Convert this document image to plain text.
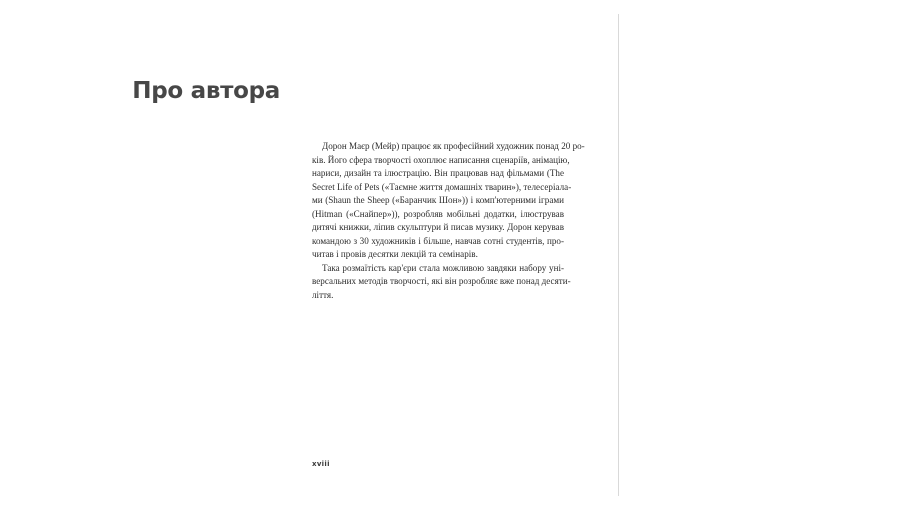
Про автора
Дорон Маєр (Мейр) працює як професійний художник понад 20 ро-
ків. Його сфера творчості охоплює написання сценаріїв, анімацію,
нариси, дизайн та ілюстрацію. Він працював над фільмами (The
Secret Life of Pets («Таємне життя домашніх тварин»), телесеріала-
ми (Shaun the Sheep («Баранчик Шон»)) і комп'ютерними іграми
(Hitman («Снайпер»)), розробляв мобільні додатки, ілюстрував
дитячі книжки, ліпив скульптури й писав музику. Дорон керував
командою з 30 художників і більше, навчав сотні студентів, про-
читав і провів десятки лекцій та семінарів.
Така розмаїтість кар'єри стала можливою завдяки набору уні-
версальних методів творчості, які він розробляє вже понад десяти-
ліття.
xviii
